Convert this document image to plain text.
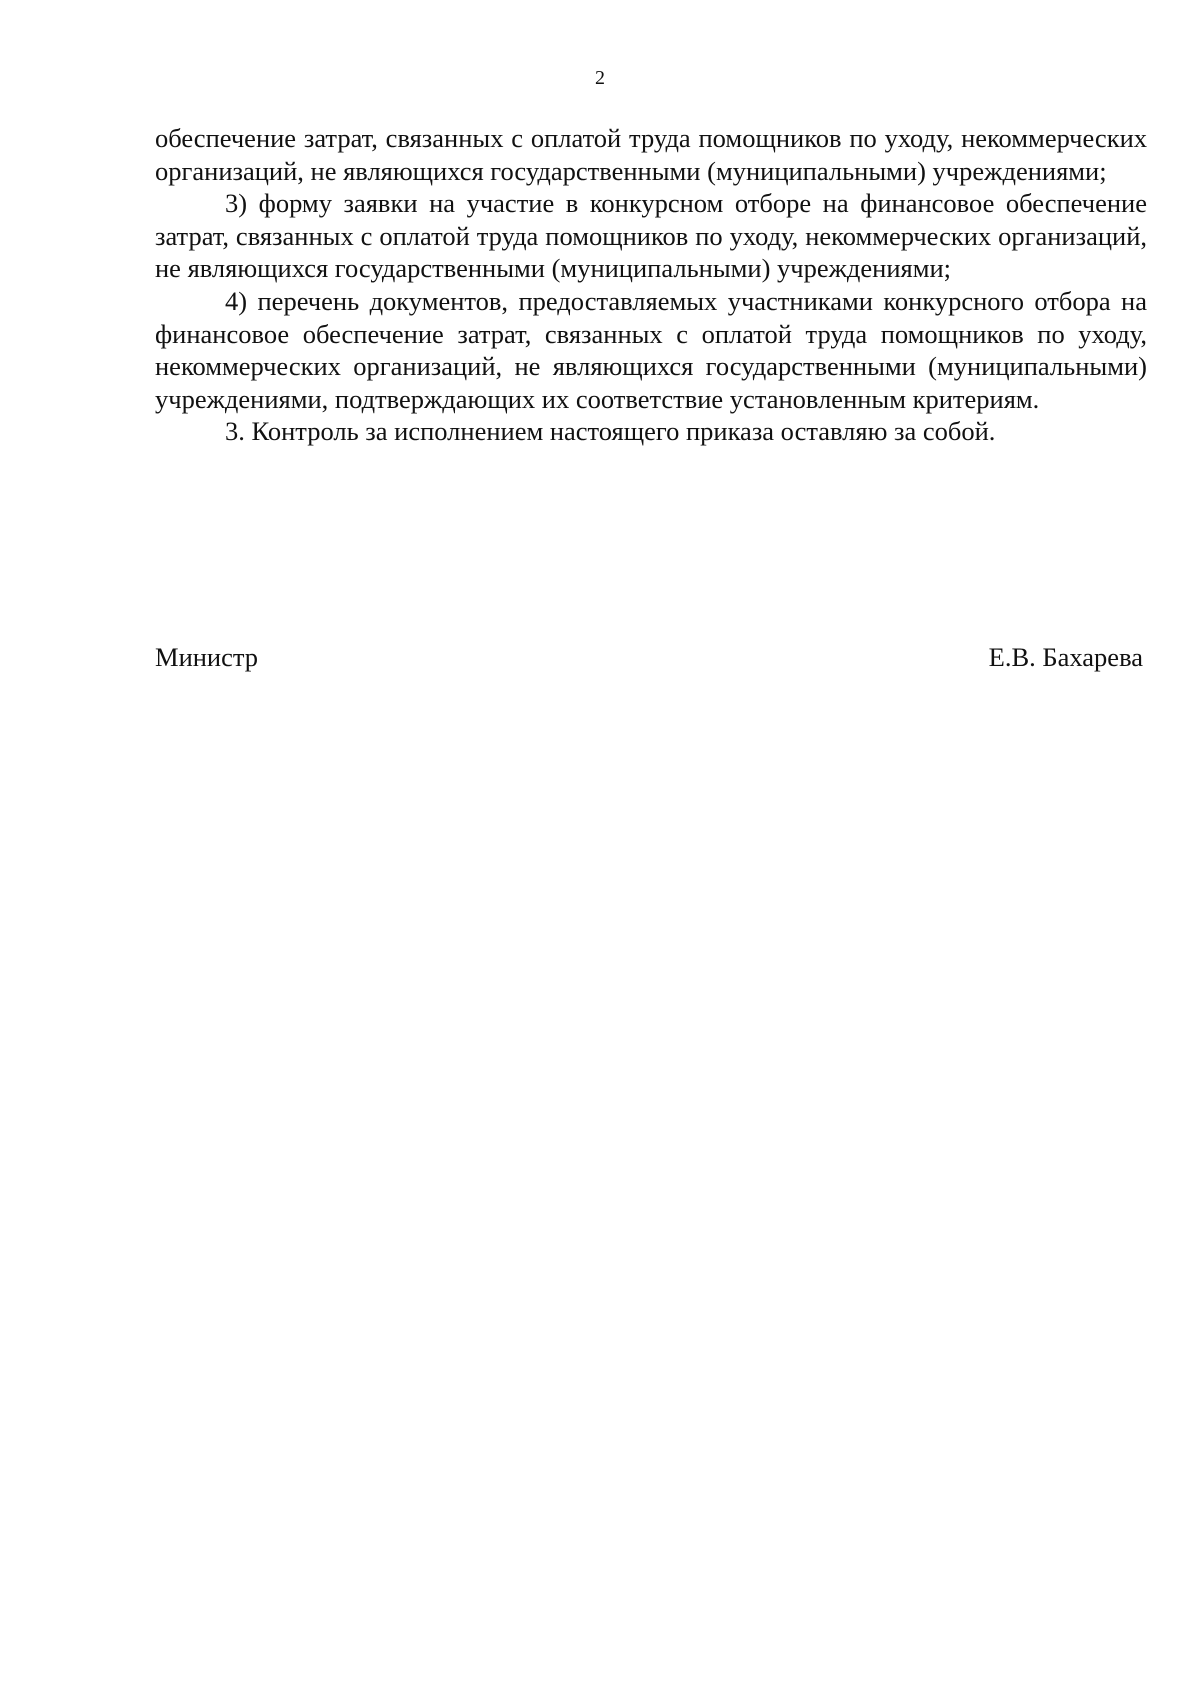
2

обеспечение затрат, связанных с оплатой труда помощников по уходу, некоммерческих организаций, не являющихся государственными (муниципальными) учреждениями;

3) форму заявки на участие в конкурсном отборе на финансовое обеспечение затрат, связанных с оплатой труда помощников по уходу, некоммерческих организаций, не являющихся государственными (муниципальными) учреждениями;

4) перечень документов, предоставляемых участниками конкурсного отбора на финансовое обеспечение затрат, связанных с оплатой труда помощников по уходу, некоммерческих организаций, не являющихся государственными (муниципальными) учреждениями, подтверждающих их соответствие установленным критериям.

3. Контроль за исполнением настоящего приказа оставляю за собой.

Министр	Е.В. Бахарева
